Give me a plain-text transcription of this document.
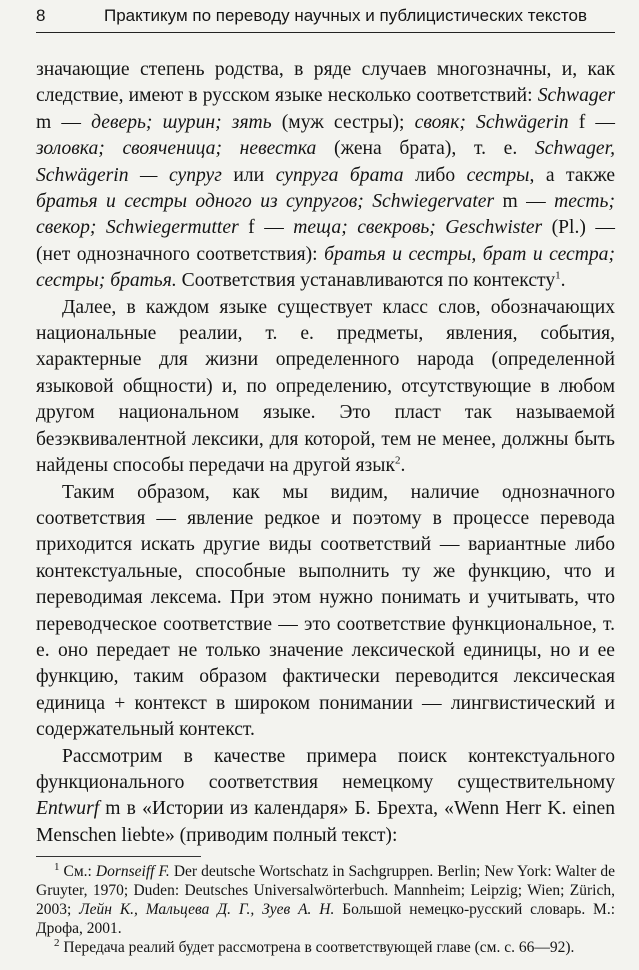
8	Практикум по переводу научных и публицистических текстов

значающие степень родства, в ряде случаев многозначны, и, как следствие, имеют в русском языке несколько соответствий: Schwager m — деверь; шурин; зять (муж сестры); свояк; Schwägerin f — золовка; свояченица; невестка (жена брата), т. е. Schwager, Schwägerin — супруг или супруга брата либо сестры, а также братья и сестры одного из супругов; Schwiegervater m — тесть; свекор; Schwiegermutter f — теща; свекровь; Geschwister (Pl.) — (нет однозначного соответствия): братья и сестры, брат и сестра; сестры; братья. Соответствия устанавливаются по контексту$^1$.

Далее, в каждом языке существует класс слов, обозначающих национальные реалии, т. е. предметы, явления, события, характерные для жизни определенного народа (определенной языковой общности) и, по определению, отсутствующие в любом другом национальном языке. Это пласт так называемой безэквивалентной лексики, для которой, тем не менее, должны быть найдены способы передачи на другой язык$^2$.

Таким образом, как мы видим, наличие однозначного соответствия — явление редкое и поэтому в процессе перевода приходится искать другие виды соответствий — вариантные либо контекстуальные, способные выполнить ту же функцию, что и переводимая лексема. При этом нужно понимать и учитывать, что переводческое соответствие — это соответствие функциональное, т. е. оно передает не только значение лексической единицы, но и ее функцию, таким образом фактически переводится лексическая единица + контекст в широком понимании — лингвистический и содержательный контекст.

Рассмотрим в качестве примера поиск контекстуального функционального соответствия немецкому существительному Entwurf m в «Истории из календаря» Б. Брехта, «Wenn Herr K. einen Menschen liebte» (приводим полный текст):

$^1$ См.: Dornseiff F. Der deutsche Wortschatz in Sachgruppen. Berlin; New York: Walter de Gruyter, 1970; Duden: Deutsches Universalwörterbuch. Mannheim; Leipzig; Wien; Zürich, 2003; Лейн К., Мальцева Д. Г., Зуев А. Н. Большой немецко-русский словарь. М.: Дрофа, 2001.

$^2$ Передача реалий будет рассмотрена в соответствующей главе (см. с. 66—92).
